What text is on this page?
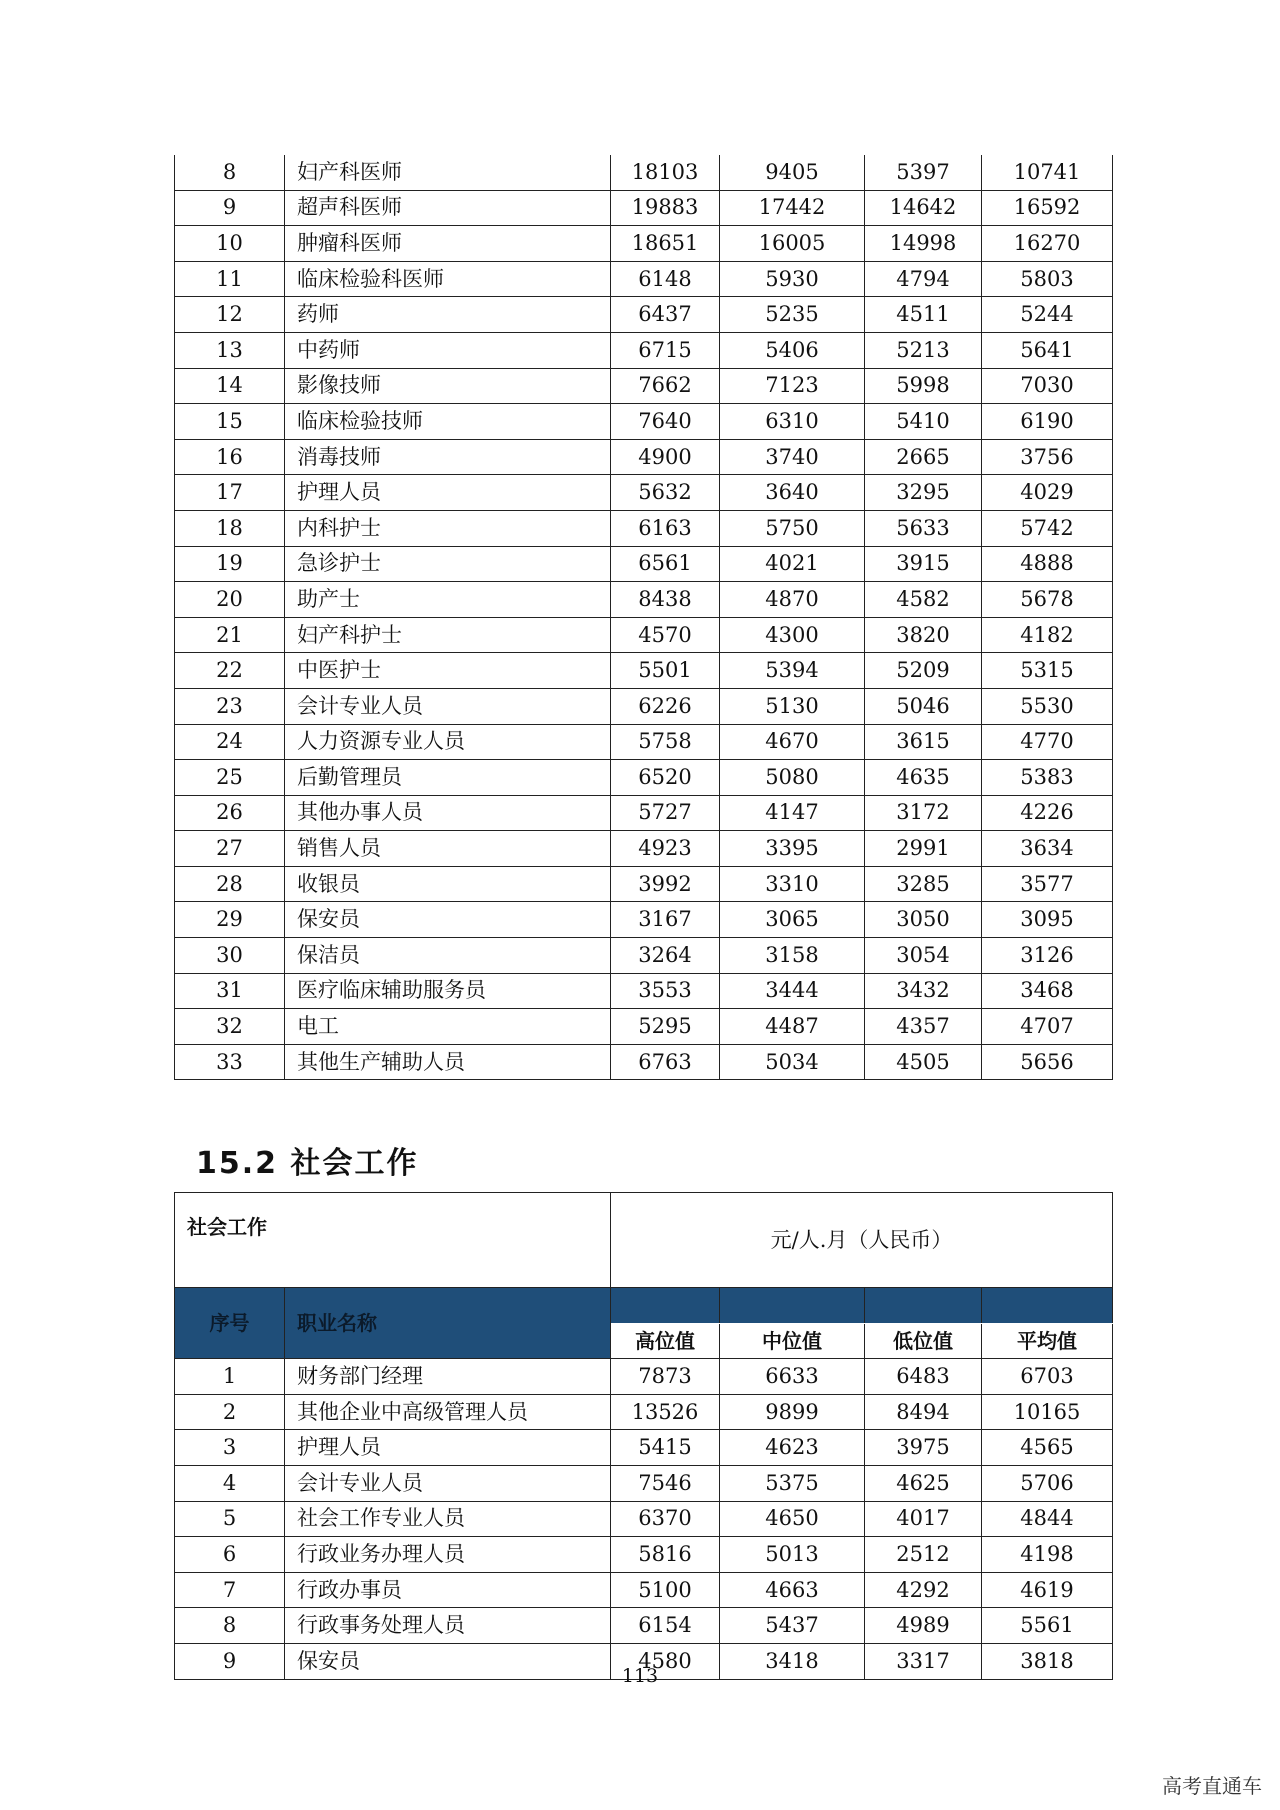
8	妇产科医师	18103	9405	5397	10741
9	超声科医师	19883	17442	14642	16592
10	肿瘤科医师	18651	16005	14998	16270
11	临床检验科医师	6148	5930	4794	5803
12	药师	6437	5235	4511	5244
13	中药师	6715	5406	5213	5641
14	影像技师	7662	7123	5998	7030
15	临床检验技师	7640	6310	5410	6190
16	消毒技师	4900	3740	2665	3756
17	护理人员	5632	3640	3295	4029
18	内科护士	6163	5750	5633	5742
19	急诊护士	6561	4021	3915	4888
20	助产士	8438	4870	4582	5678
21	妇产科护士	4570	4300	3820	4182
22	中医护士	5501	5394	5209	5315
23	会计专业人员	6226	5130	5046	5530
24	人力资源专业人员	5758	4670	3615	4770
25	后勤管理员	6520	5080	4635	5383
26	其他办事人员	5727	4147	3172	4226
27	销售人员	4923	3395	2991	3634
28	收银员	3992	3310	3285	3577
29	保安员	3167	3065	3050	3095
30	保洁员	3264	3158	3054	3126
31	医疗临床辅助服务员	3553	3444	3432	3468
32	电工	5295	4487	4357	4707
33	其他生产辅助人员	6763	5034	4505	5656
15.2 社会工作
社会工作		元/人.月（人民币）			
序号	职业名称				
		高位值	中位值	低位值	平均值
1	财务部门经理	7873	6633	6483	6703
2	其他企业中高级管理人员	13526	9899	8494	10165
3	护理人员	5415	4623	3975	4565
4	会计专业人员	7546	5375	4625	5706
5	社会工作专业人员	6370	4650	4017	4844
6	行政业务办理人员	5816	5013	2512	4198
7	行政办事员	5100	4663	4292	4619
8	行政事务处理人员	6154	5437	4989	5561
9	保安员	4580	3418	3317	3818
113
高考直通车
